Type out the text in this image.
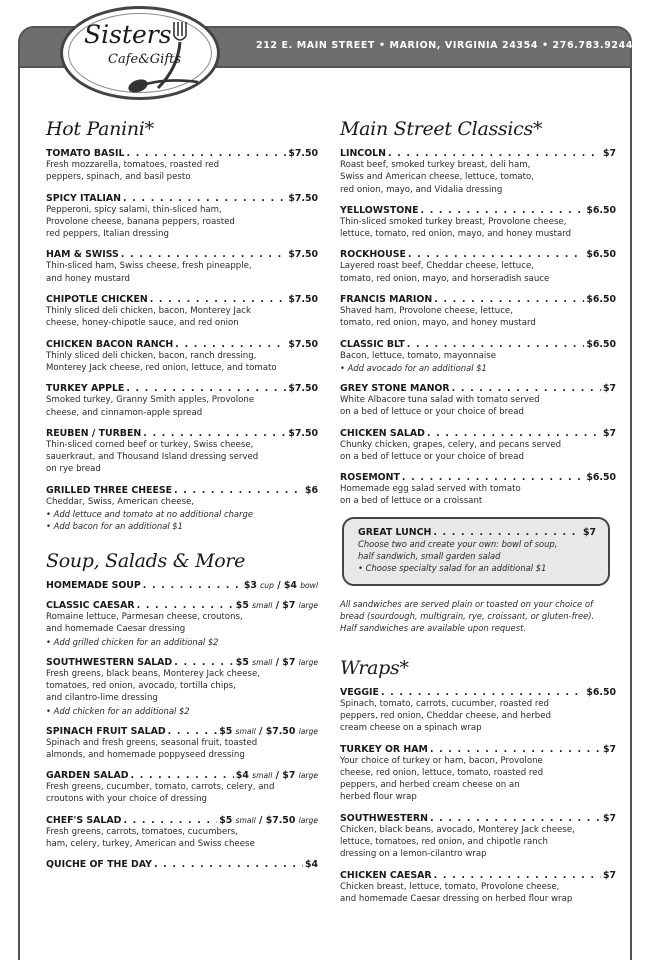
212 E. MAIN STREET • MARION, VIRGINIA 24354 • 276.783.9244
Sisters
Cafe&Gifts
Hot Panini*
TOMATO BASIL . . .	$7.50
Fresh mozzarella, tomatoes, roasted red
peppers, spinach, and basil pesto
SPICY ITALIAN . . .	$7.50
Pepperoni, spicy salami, thin-sliced ham,
Provolone cheese, banana peppers, roasted
red peppers, Italian dressing
HAM & SWISS . . .	$7.50
Thin-sliced ham, Swiss cheese, fresh pineapple,
and honey mustard
CHIPOTLE CHICKEN . . .	$7.50
Thinly sliced deli chicken, bacon, Monterey Jack
cheese, honey-chipotle sauce, and red onion
CHICKEN BACON RANCH . . .	$7.50
Thinly sliced deli chicken, bacon, ranch dressing,
Monterey Jack cheese, red onion, lettuce, and tomato
TURKEY APPLE . . .	$7.50
Smoked turkey, Granny Smith apples, Provolone
cheese, and cinnamon-apple spread
REUBEN / TURBEN . . .	$7.50
Thin-sliced corned beef or turkey, Swiss cheese,
sauerkraut, and Thousand Island dressing served
on rye bread
GRILLED THREE CHEESE . . .	$6
Cheddar, Swiss, American cheese,
• Add lettuce and tomato at no additional charge
• Add bacon for an additional $1
Soup, Salads & More
HOMEMADE SOUP . . .	$3 cup / $4 bowl
CLASSIC CAESAR . . .	$5 small / $7 large
Romaine lettuce, Parmesan cheese, croutons,
and homemade Caesar dressing
• Add grilled chicken for an additional $2
SOUTHWESTERN SALAD . . .	$5 small / $7 large
Fresh greens, black beans, Monterey Jack cheese,
tomatoes, red onion, avocado, tortilla chips,
and cilantro-lime dressing
• Add chicken for an additional $2
SPINACH FRUIT SALAD . . .	$5 small / $7.50 large
Spinach and fresh greens, seasonal fruit, toasted
almonds, and homemade poppyseed dressing
GARDEN SALAD . . .	$4 small / $7 large
Fresh greens, cucumber, tomato, carrots, celery, and
croutons with your choice of dressing
CHEF'S SALAD . . .	$5 small / $7.50 large
Fresh greens, carrots, tomatoes, cucumbers,
ham, celery, turkey, American and Swiss cheese
QUICHE OF THE DAY . . .	$4
Main Street Classics*
LINCOLN . . .	$7
Roast beef, smoked turkey breast, deli ham,
Swiss and American cheese, lettuce, tomato,
red onion, mayo, and Vidalia dressing
YELLOWSTONE . . .	$6.50
Thin-sliced smoked turkey breast, Provolone cheese,
lettuce, tomato, red onion, mayo, and honey mustard
ROCKHOUSE . . .	$6.50
Layered roast beef, Cheddar cheese, lettuce,
tomato, red onion, mayo, and horseradish sauce
FRANCIS MARION . . .	$6.50
Shaved ham, Provolone cheese, lettuce,
tomato, red onion, mayo, and honey mustard
CLASSIC BLT . . .	$6.50
Bacon, lettuce, tomato, mayonnaise
• Add avocado for an additional $1
GREY STONE MANOR . . .	$7
White Albacore tuna salad with tomato served
on a bed of lettuce or your choice of bread
CHICKEN SALAD . . .	$7
Chunky chicken, grapes, celery, and pecans served
on a bed of lettuce or your choice of bread
ROSEMONT . . .	$6.50
Homemade egg salad served with tomato
on a bed of lettuce or a croissant
GREAT LUNCH . . .	$7
Choose two and create your own: bowl of soup,
half sandwich, small garden salad
• Choose specialty salad for an additional $1
All sandwiches are served plain or toasted on your choice of
bread (sourdough, multigrain, rye, croissant, or gluten-free).
Half sandwiches are available upon request.
Wraps*
VEGGIE . . .	$6.50
Spinach, tomato, carrots, cucumber, roasted red
peppers, red onion, Cheddar cheese, and herbed
cream cheese on a spinach wrap
TURKEY OR HAM . . .	$7
Your choice of turkey or ham, bacon, Provolone
cheese, red onion, lettuce, tomato, roasted red
peppers, and herbed cream cheese on an
herbed flour wrap
SOUTHWESTERN . . .	$7
Chicken, black beans, avocado, Monterey Jack cheese,
lettuce, tomatoes, red onion, and chipotle ranch
dressing on a lemon-cilantro wrap
CHICKEN CAESAR . . .	$7
Chicken breast, lettuce, tomato, Provolone cheese,
and homemade Caesar dressing on herbed flour wrap
